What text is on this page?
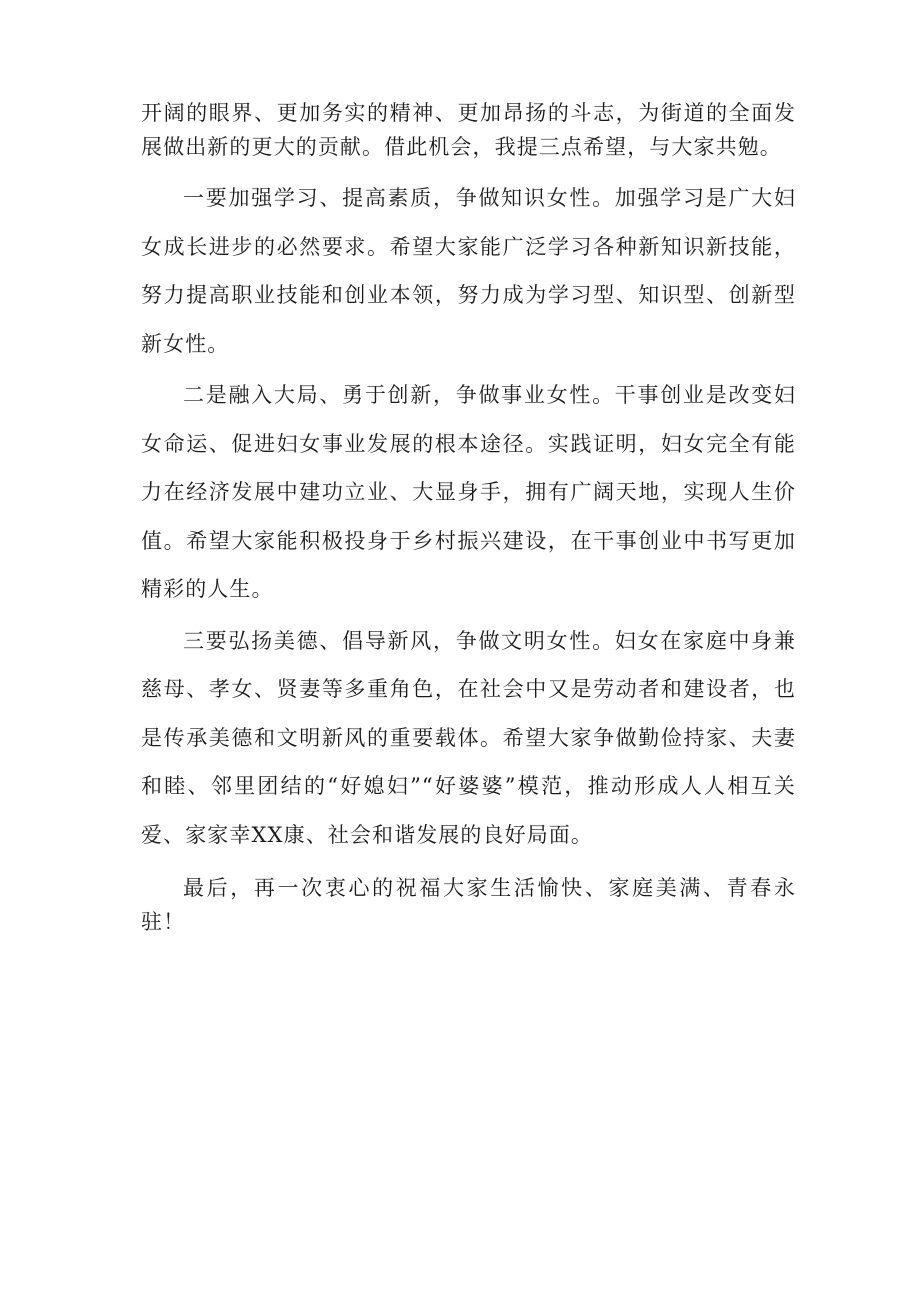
开阔的眼界、更加务实的精神、更加昂扬的斗志，为街道的全面发展做出新的更大的贡献。借此机会，我提三点希望，与大家共勉。

一要加强学习、提高素质，争做知识女性。加强学习是广大妇女成长进步的必然要求。希望大家能广泛学习各种新知识新技能，努力提高职业技能和创业本领，努力成为学习型、知识型、创新型新女性。

二是融入大局、勇于创新，争做事业女性。干事创业是改变妇女命运、促进妇女事业发展的根本途径。实践证明，妇女完全有能力在经济发展中建功立业、大显身手，拥有广阔天地，实现人生价值。希望大家能积极投身于乡村振兴建设，在干事创业中书写更加精彩的人生。

三要弘扬美德、倡导新风，争做文明女性。妇女在家庭中身兼慈母、孝女、贤妻等多重角色，在社会中又是劳动者和建设者，也是传承美德和文明新风的重要载体。希望大家争做勤俭持家、夫妻和睦、邻里团结的“好媳妇”“好婆婆”模范，推动形成人人相互关爱、家家幸XX康、社会和谐发展的良好局面。

最后，再一次衷心的祝福大家生活愉快、家庭美满、青春永驻！
